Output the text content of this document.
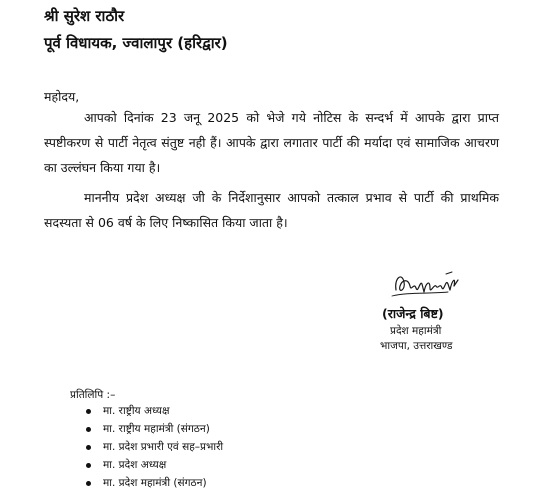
श्री सुरेश राठौर
पूर्व विधायक, ज्वालापुर (हरिद्वार)
महोदय,

आपको दिनांक 23 जनू 2025 को भेजे गये नोटिस के सन्दर्भ में आपके द्वारा प्राप्त स्पष्टीकरण से पार्टी नेतृत्व संतुष्ट नही हैं। आपके द्वारा लगातार पार्टी की मर्यादा एवं सामाजिक आचरण का उल्लंघन किया गया है।

माननीय प्रदेश अध्यक्ष जी के निर्देशानुसार आपको तत्काल प्रभाव से पार्टी की प्राथमिक सदस्यता से 06 वर्ष के लिए निष्कासित किया जाता है।

(राजेन्द्र बिष्ट)
प्रदेश महामंत्री
भाजपा, उत्तराखण्ड
प्रतिलिपि :–
मा. राष्ट्रीय अध्यक्ष
मा. राष्ट्रीय महामंत्री (संगठन)
मा. प्रदेश प्रभारी एवं सह–प्रभारी
मा. प्रदेश अध्यक्ष
मा. प्रदेश महामंत्री (संगठन)
